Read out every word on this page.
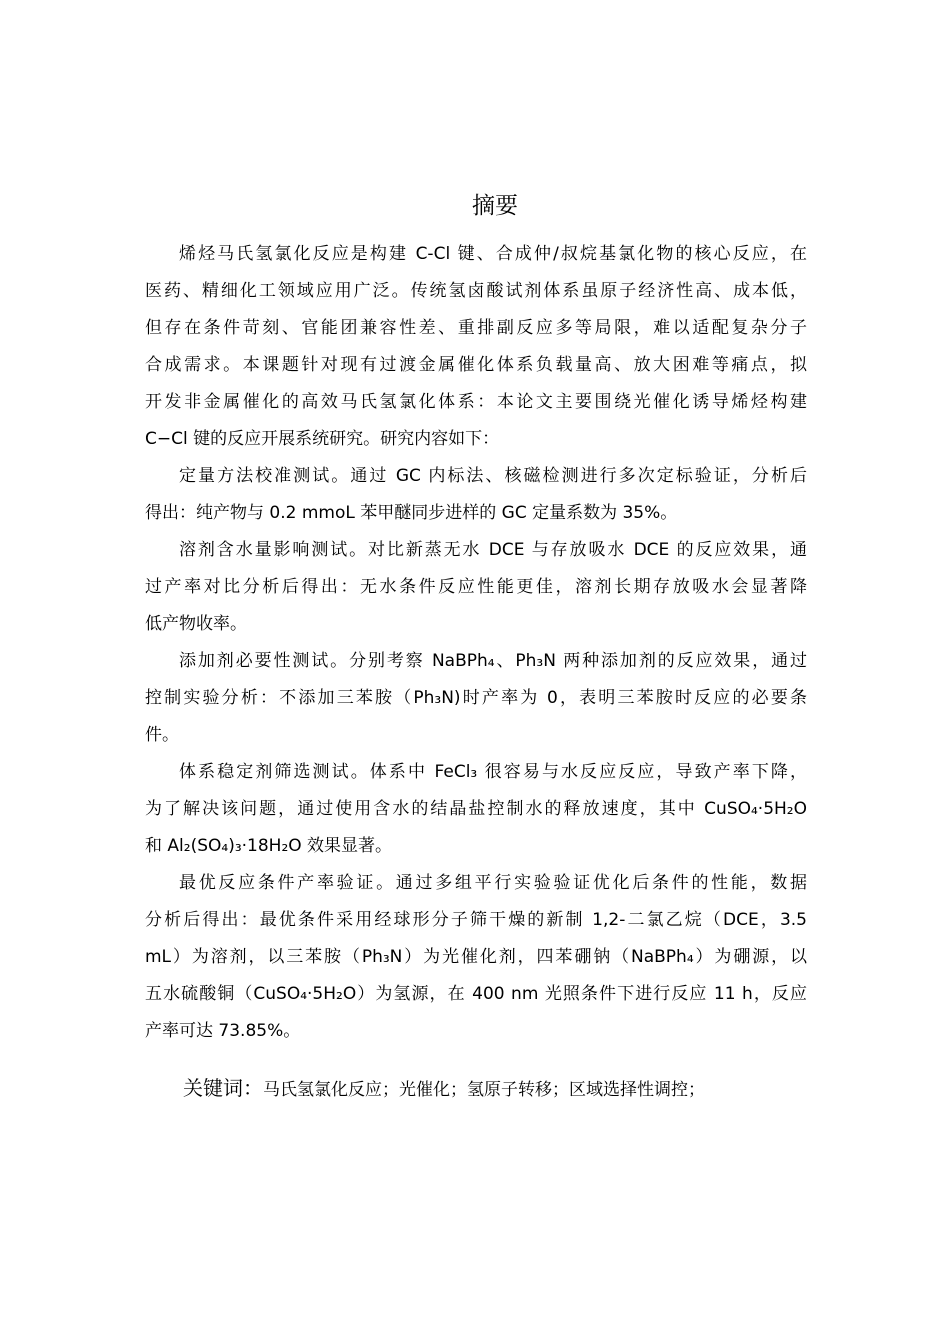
摘要
烯烃马氏氢氯化反应是构建 C-Cl 键、合成仲/叔烷基氯化物的核心反应，在
医药、精细化工领域应用广泛。传统氢卤酸试剂体系虽原子经济性高、成本低，
但存在条件苛刻、官能团兼容性差、重排副反应多等局限，难以适配复杂分子
合成需求。本课题针对现有过渡金属催化体系负载量高、放大困难等痛点，拟
开发非金属催化的高效马氏氢氯化体系：本论文主要围绕光催化诱导烯烃构建
C−Cl 键的反应开展系统研究。研究内容如下：
定量方法校准测试。通过 GC 内标法、核磁检测进行多次定标验证，分析后
得出：纯产物与 0.2 mmoL 苯甲醚同步进样的 GC 定量系数为 35%。
溶剂含水量影响测试。对比新蒸无水 DCE 与存放吸水 DCE 的反应效果，通
过产率对比分析后得出：无水条件反应性能更佳，溶剂长期存放吸水会显著降
低产物收率。
添加剂必要性测试。分别考察 NaBPh₄、Ph₃N 两种添加剂的反应效果，通过
控制实验分析：不添加三苯胺（Ph₃N)时产率为 0，表明三苯胺时反应的必要条
件。
体系稳定剂筛选测试。体系中 FeCl₃ 很容易与水反应反应，导致产率下降，
为了解决该问题，通过使用含水的结晶盐控制水的释放速度，其中 CuSO₄·5H₂O
和 Al₂(SO₄)₃·18H₂O 效果显著。
最优反应条件产率验证。通过多组平行实验验证优化后条件的性能，数据
分析后得出：最优条件采用经球形分子筛干燥的新制 1,2-二氯乙烷（DCE，3.5
mL）为溶剂，以三苯胺（Ph₃N）为光催化剂，四苯硼钠（NaBPh₄）为硼源，以
五水硫酸铜（CuSO₄·5H₂O）为氢源，在 400 nm 光照条件下进行反应 11 h，反应
产率可达 73.85%。
关键词：马氏氢氯化反应；光催化；氢原子转移；区域选择性调控；
